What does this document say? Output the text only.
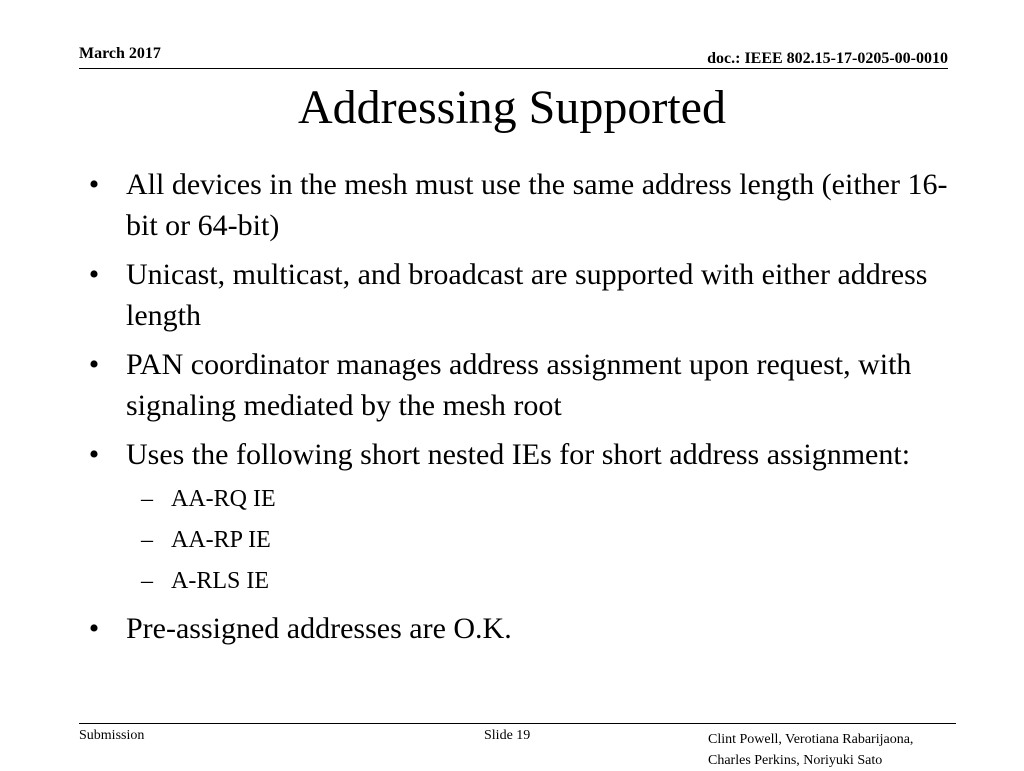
March 2017	doc.: IEEE 802.15-17-0205-00-0010
Addressing Supported
• All devices in the mesh must use the same address length (either 16-bit or 64-bit)
• Unicast, multicast, and broadcast are supported with either address length
• PAN coordinator manages address assignment upon request, with signaling mediated by the mesh root
• Uses the following short nested IEs for short address assignment:
– AA-RQ IE
– AA-RP IE
– A-RLS IE
• Pre-assigned addresses are O.K.
Submission	Slide 19	Clint Powell, Verotiana Rabarijaona,
Charles Perkins, Noriyuki Sato
